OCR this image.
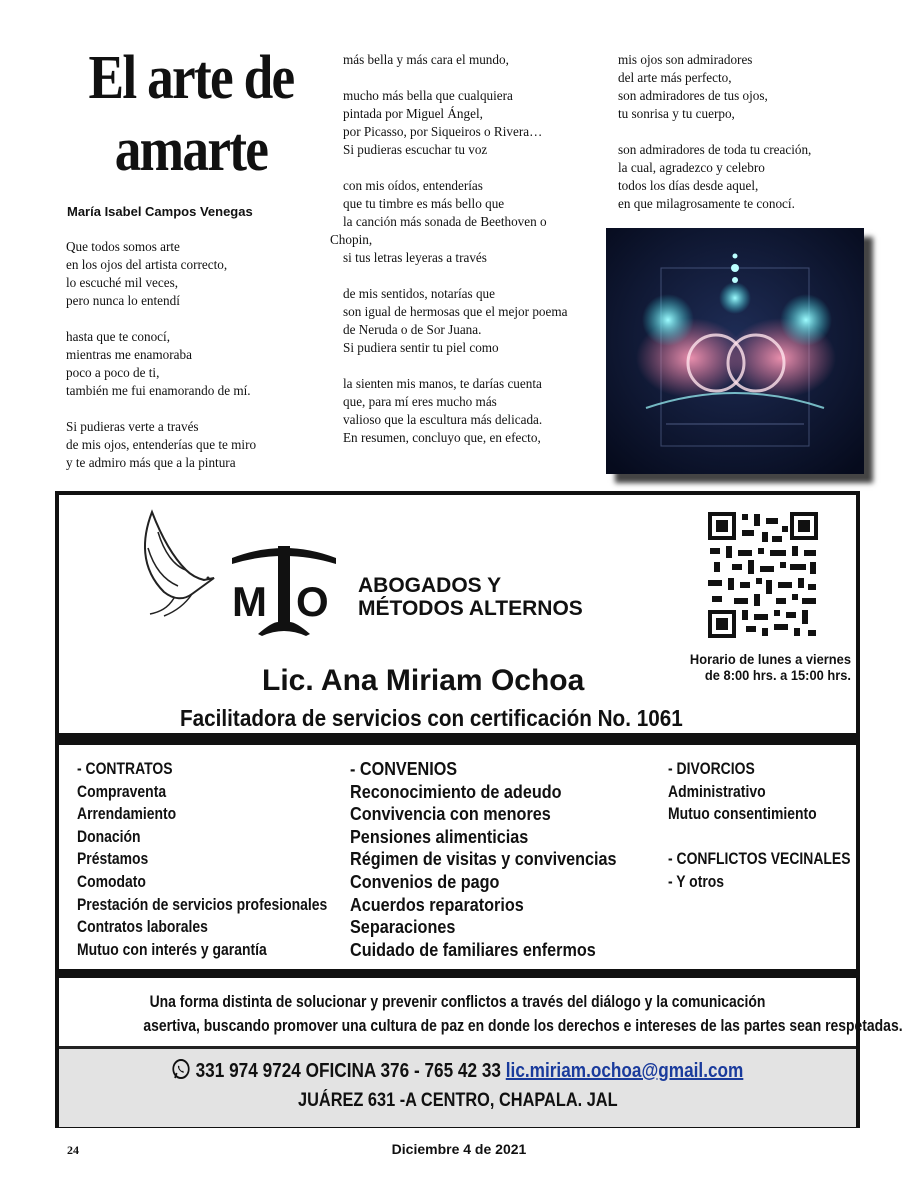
El arte de
amarte
María Isabel Campos Venegas

Que todos somos arte
en los ojos del artista correcto,
lo escuché mil veces,
pero nunca lo entendí

hasta que te conocí,
mientras me enamoraba
poco a poco de ti,
también me fui enamorando de mí.

Si pudieras verte a través
de mis ojos, entenderías que te miro
y te admiro más que a la pintura

más bella y más cara el mundo,

mucho más bella que cualquiera
pintada por Miguel Ángel,
por Picasso, por Siqueiros o Rivera…
Si pudieras escuchar tu voz

con mis oídos, entenderías
que tu timbre es más bello que
la canción más sonada de Beethoven o

Chopin,

si tus letras leyeras a través

de mis sentidos, notarías que
son igual de hermosas que el mejor poema
de Neruda o de Sor Juana.
Si pudiera sentir tu piel como

la sienten mis manos, te darías cuenta
que, para mí eres mucho más
valioso que la escultura más delicada.
En resumen, concluyo que, en efecto,

mis ojos son admiradores
del arte más perfecto,
son admiradores de tus ojos,
tu sonrisa y tu cuerpo,

son admiradores de toda tu creación,
la cual, agradezco y celebro
todos los días desde aquel,
en que milagrosamente te conocí.

M O ABOGADOS Y
MÉTODOS ALTERNOS
Horario de lunes a viernes
de 8:00 hrs. a 15:00 hrs.
Lic. Ana Miriam Ochoa
Facilitadora de servicios con certificación No. 1061
- CONTRATOS
Compraventa
Arrendamiento
Donación
Préstamos
Comodato
Prestación de servicios profesionales
Contratos laborales
Mutuo con interés y garantía
- CONVENIOS
Reconocimiento de adeudo
Convivencia con menores
Pensiones alimenticias
Régimen de visitas y convivencias
Convenios de pago
Acuerdos reparatorios
Separaciones
Cuidado de familiares enfermos
- DIVORCIOS
Administrativo
Mutuo consentimiento
- CONFLICTOS VECINALES
- Y otros
Una forma distinta de solucionar y prevenir conflictos a través del diálogo y la comunicación
asertiva, buscando promover una cultura de paz en donde los derechos e intereses de las partes sean respetadas.
331 974 9724 OFICINA 376 - 765 42 33 lic.miriam.ochoa@gmail.com
JUÁREZ 631 -A CENTRO, CHAPALA. JAL
24	Diciembre 4 de 2021
